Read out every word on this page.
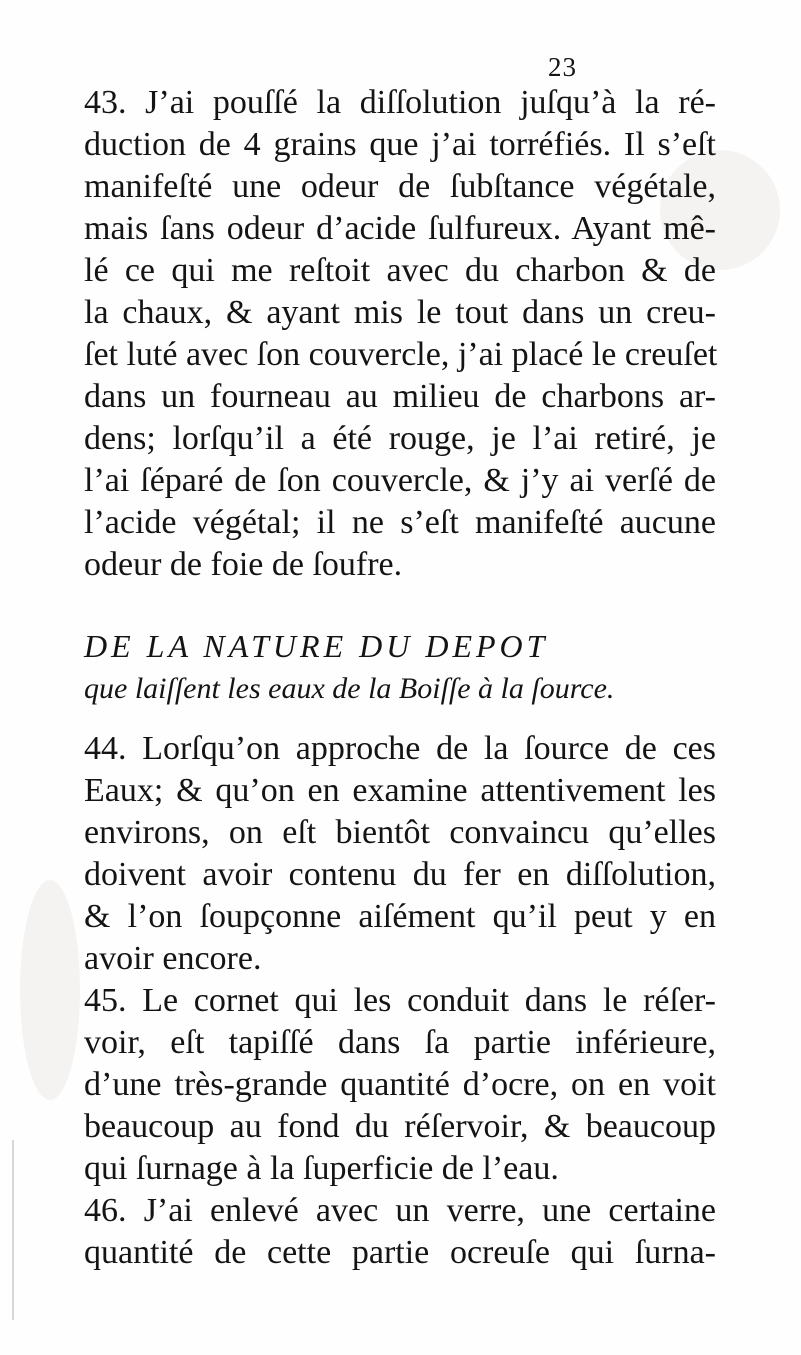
23
43. J’ai pouſſé la diſſolution juſqu’à la ré-
duction de 4 grains que j’ai torréfiés. Il s’eſt
manifeſté une odeur de ſubſtance végétale,
mais ſans odeur d’acide ſulfureux. Ayant mê-
lé ce qui me reſtoit avec du charbon & de
la chaux, & ayant mis le tout dans un creu-
ſet luté avec ſon couvercle, j’ai placé le creuſet
dans un fourneau au milieu de charbons ar-
dens; lorſqu’il a été rouge, je l’ai retiré, je
l’ai ſéparé de ſon couvercle, & j’y ai verſé de
l’acide végétal; il ne s’eſt manifeſté aucune
odeur de foie de ſoufre.
DE LA NATURE DU DEPOT
que laiſſent les eaux de la Boiſſe à la ſource.
44. Lorſqu’on approche de la ſource de ces
Eaux; & qu’on en examine attentivement les
environs, on eſt bientôt convaincu qu’elles
doivent avoir contenu du fer en diſſolution,
& l’on ſoupçonne aiſément qu’il peut y en
avoir encore.
45. Le cornet qui les conduit dans le réſer-
voir, eſt tapiſſé dans ſa partie inférieure,
d’une très-grande quantité d’ocre, on en voit
beaucoup au fond du réſervoir, & beaucoup
qui ſurnage à la ſuperficie de l’eau.
46. J’ai enlevé avec un verre, une certaine
quantité de cette partie ocreuſe qui ſurna-
